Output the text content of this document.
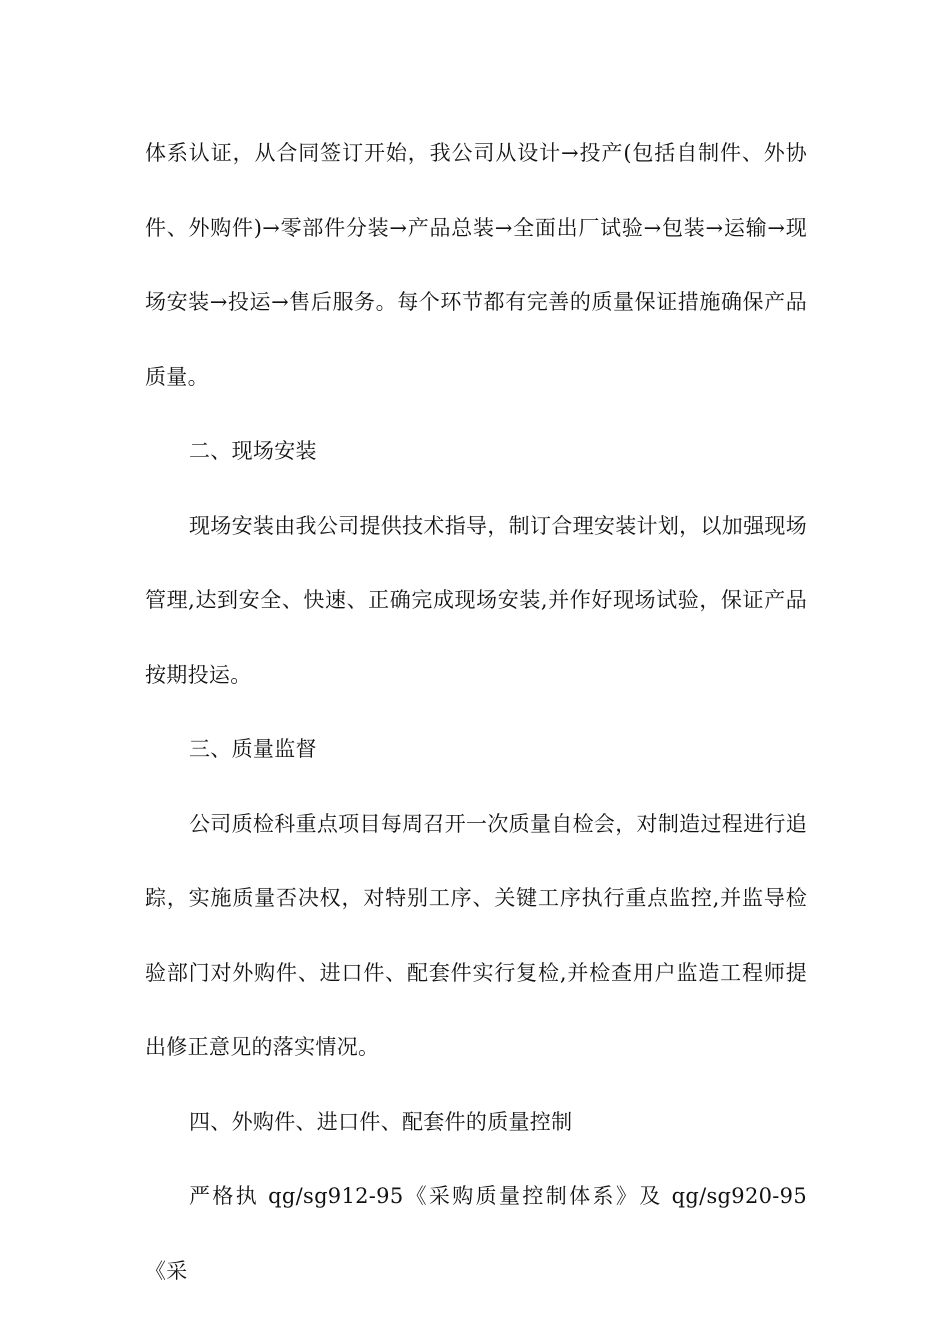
体系认证，从合同签订开始，我公司从设计→投产(包括自制件、外协件、外购件)→零部件分装→产品总装→全面出厂试验→包装→运输→现场安装→投运→售后服务。每个环节都有完善的质量保证措施确保产品质量。

二、现场安装

现场安装由我公司提供技术指导，制订合理安装计划，以加强现场管理,达到安全、快速、正确完成现场安装,并作好现场试验，保证产品按期投运。

三、质量监督

公司质检科重点项目每周召开一次质量自检会，对制造过程进行追踪，实施质量否决权，对特别工序、关键工序执行重点监控,并监导检验部门对外购件、进口件、配套件实行复检,并检查用户监造工程师提出修正意见的落实情况。

四、外购件、进口件、配套件的质量控制

严格执 qg/sg912-95《采购质量控制体系》及 qg/sg920-95《采
